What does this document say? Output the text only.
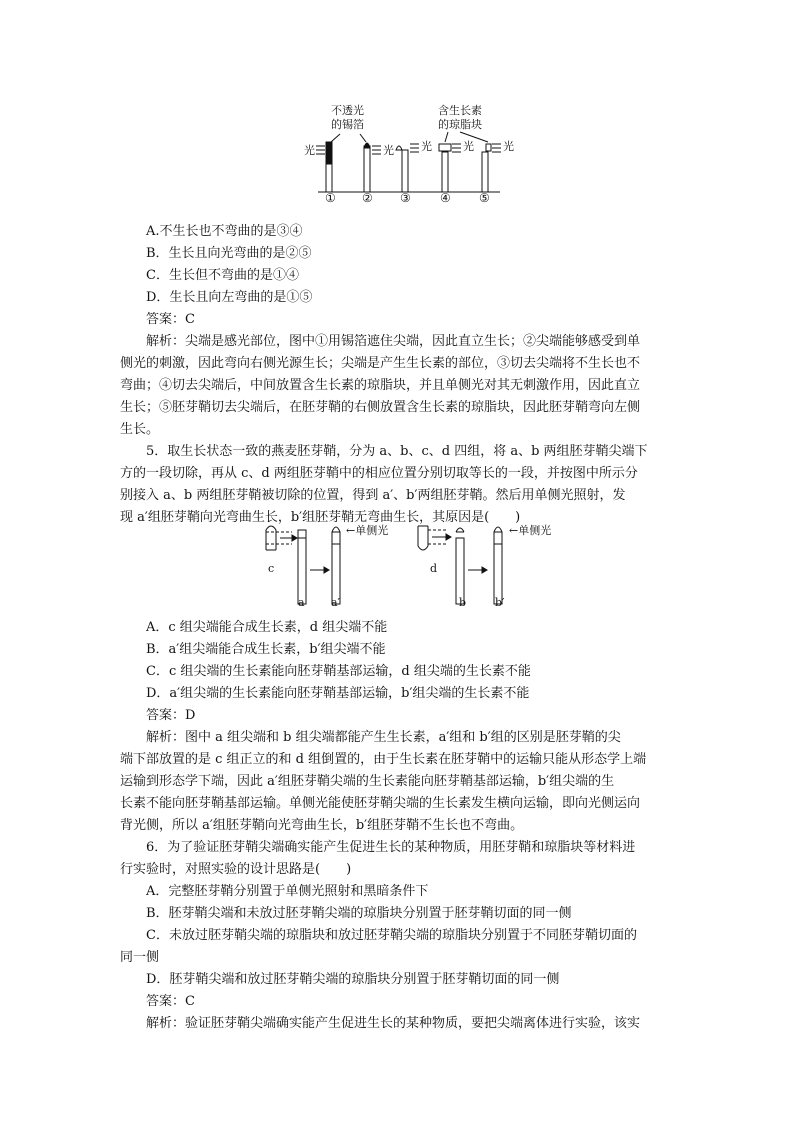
不透光
的锡箔
含生长素
的琼脂块
光	光 光	光	光
① ② ③ ④ ⑤
A.不生长也不弯曲的是③④
B．生长且向光弯曲的是②⑤
C．生长但不弯曲的是①④
D．生长且向左弯曲的是①⑤
答案：C
解析：尖端是感光部位，图中①用锡箔遮住尖端，因此直立生长；②尖端能够感受到单
侧光的刺激，因此弯向右侧光源生长；尖端是产生生长素的部位，③切去尖端将不生长也不
弯曲；④切去尖端后，中间放置含生长素的琼脂块，并且单侧光对其无刺激作用，因此直立
生长；⑤胚芽鞘切去尖端后，在胚芽鞘的右侧放置含生长素的琼脂块，因此胚芽鞘弯向左侧
生长。
5．取生长状态一致的燕麦胚芽鞘，分为 a、b、c、d 四组，将 a、b 两组胚芽鞘尖端下
方的一段切除，再从 c、d 两组胚芽鞘中的相应位置分别切取等长的一段，并按图中所示分
别接入 a、b 两组胚芽鞘被切除的位置，得到 a′、b′两组胚芽鞘。然后用单侧光照射，发
现 a′组胚芽鞘向光弯曲生长，b′组胚芽鞘无弯曲生长，其原因是(　　)
←单侧光	←单侧光
c
a a′
d
b	b′
A．c 组尖端能合成生长素，d 组尖端不能
B．a′组尖端能合成生长素，b′组尖端不能
C．c 组尖端的生长素能向胚芽鞘基部运输，d 组尖端的生长素不能
D．a′组尖端的生长素能向胚芽鞘基部运输，b′组尖端的生长素不能
答案：D
解析：图中 a 组尖端和 b 组尖端都能产生生长素，a′组和 b′组的区别是胚芽鞘的尖
端下部放置的是 c 组正立的和 d 组倒置的，由于生长素在胚芽鞘中的运输只能从形态学上端
运输到形态学下端，因此 a′组胚芽鞘尖端的生长素能向胚芽鞘基部运输，b′组尖端的生
长素不能向胚芽鞘基部运输。单侧光能使胚芽鞘尖端的生长素发生横向运输，即向光侧运向
背光侧，所以 a′组胚芽鞘向光弯曲生长，b′组胚芽鞘不生长也不弯曲。
6．为了验证胚芽鞘尖端确实能产生促进生长的某种物质，用胚芽鞘和琼脂块等材料进
行实验时，对照实验的设计思路是(　　)
A．完整胚芽鞘分别置于单侧光照射和黑暗条件下
B．胚芽鞘尖端和未放过胚芽鞘尖端的琼脂块分别置于胚芽鞘切面的同一侧
C．未放过胚芽鞘尖端的琼脂块和放过胚芽鞘尖端的琼脂块分别置于不同胚芽鞘切面的
同一侧
D．胚芽鞘尖端和放过胚芽鞘尖端的琼脂块分别置于胚芽鞘切面的同一侧
答案：C
解析：验证胚芽鞘尖端确实能产生促进生长的某种物质，要把尖端离体进行实验，该实
